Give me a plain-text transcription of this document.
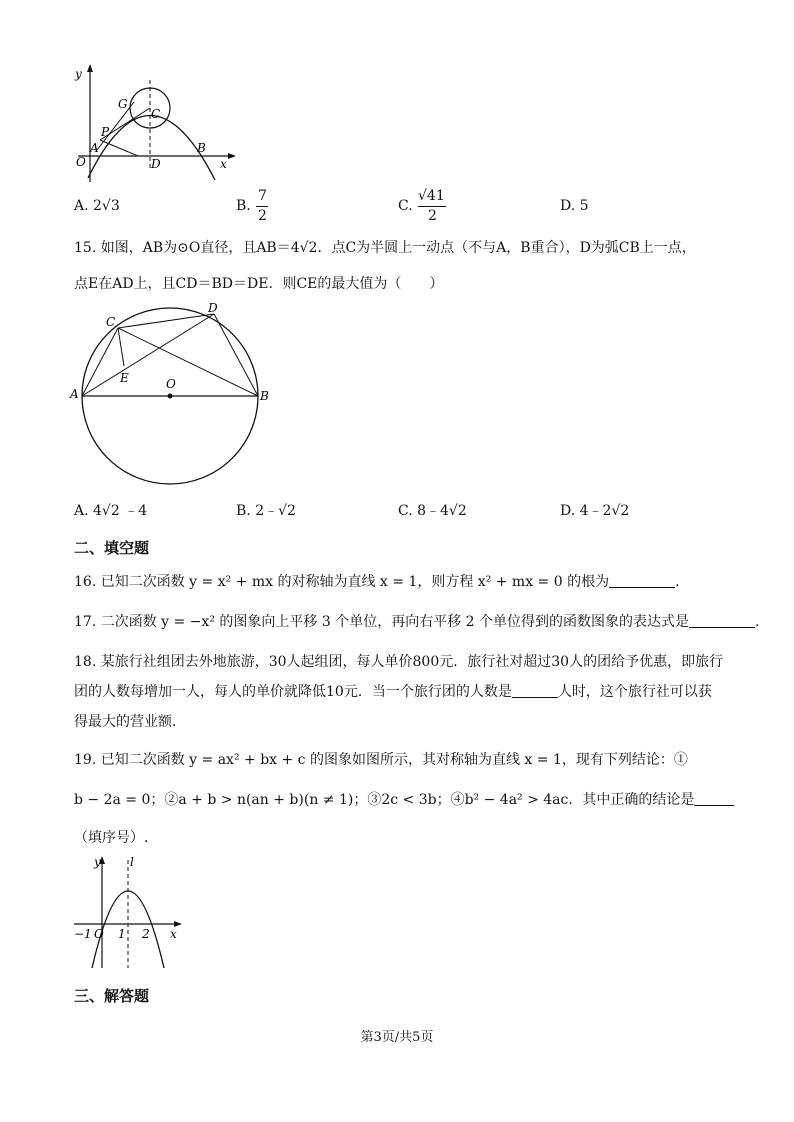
y
x
O
G
C
P
A
D
B
A. 2√3	B.
7
2
C.
√41
2
D. 5
15. 如图，AB为⊙O直径，且AB＝4√2．点C为半圆上一动点（不与A，B重合），D为弧CB上一点，
点E在AD上，且CD＝BD＝DE．则CE的最大值为（　　）
C
D
E	O
A	B
A. 4√2 ﹣4	B. 2﹣√2	C. 8﹣4√2	D. 4﹣2√2
二、填空题
16. 已知二次函数 y = x² + mx 的对称轴为直线 x = 1，则方程 x² + mx = 0 的根为	.
17. 二次函数 y = −x² 的图象向上平移 3 个单位，再向右平移 2 个单位得到的函数图象的表达式是	.
18. 某旅行社组团去外地旅游，30人起组团，每人单价800元．旅行社对超过30人的团给予优惠，即旅行
团的人数每增加一人，每人的单价就降低10元．当一个旅行团的人数是	人时，这个旅行社可以获
得最大的营业额．
19. 已知二次函数 y = ax² + bx + c 的图象如图所示，其对称轴为直线 x = 1，现有下列结论：①
b − 2a = 0；②a + b > n(an + b)(n ≠ 1)；③2c < 3b；④b² − 4a² > 4ac．其中正确的结论是
（填序号）.
y l
−1 O 1 2 x
三、解答题
第3页/共5页
